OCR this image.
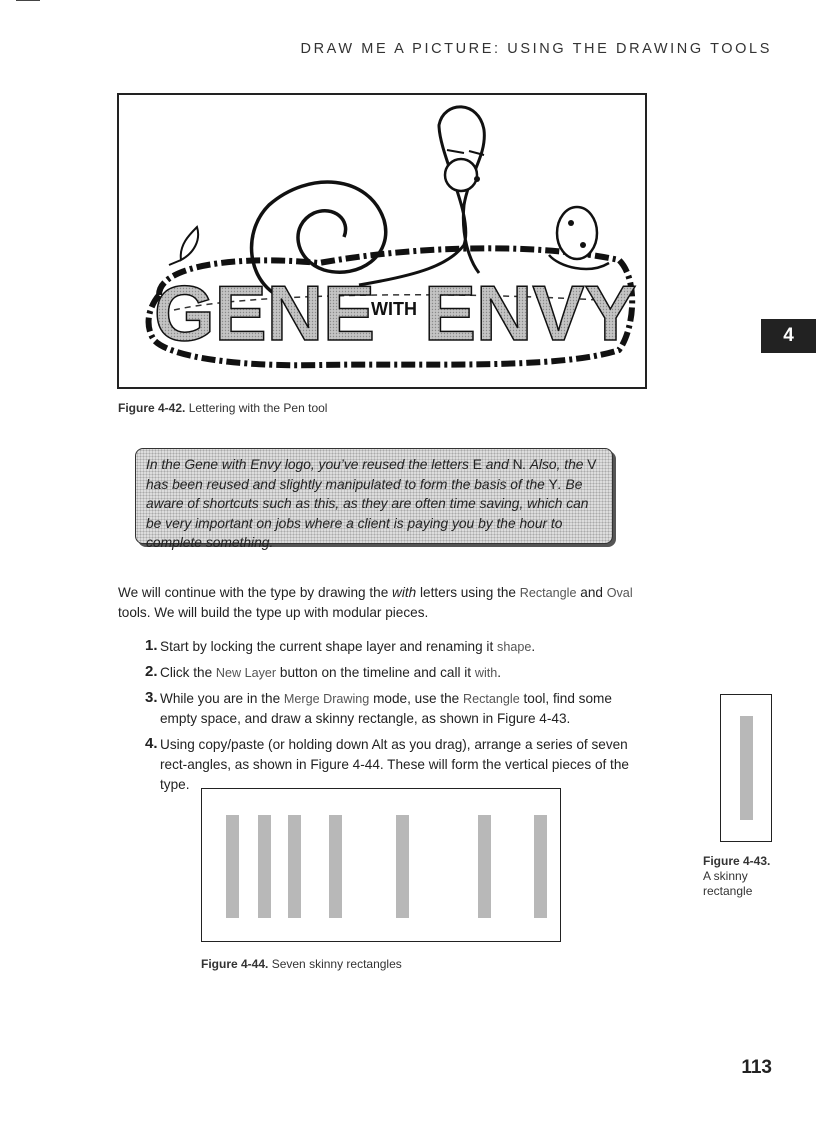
DRAW ME A PICTURE: USING THE DRAWING TOOLS
GENE
WITH ENVY
Figure 4-42. Lettering with the Pen tool
In the Gene with Envy logo, you’ve reused the letters E and N. Also, the V has been reused and slightly manipulated to form the basis of the Y. Be aware of shortcuts such as this, as they are often time saving, which can be very important on jobs where a client is paying you by the hour to complete something.
We will continue with the type by drawing the with letters using the Rectangle and Oval tools. We will build the type up with modular pieces.
1. Start by locking the current shape layer and renaming it shape.
2. Click the New Layer button on the timeline and call it with.
3. While you are in the Merge Drawing mode, use the Rectangle tool, find some empty space, and draw a skinny rectangle, as shown in Figure 4-43.
4. Using copy/paste (or holding down Alt as you drag), arrange a series of seven rect-angles, as shown in Figure 4-44. These will form the vertical pieces of the type.
Figure 4-44. Seven skinny rectangles
Figure 4-43.
A skinny
rectangle
4
113
